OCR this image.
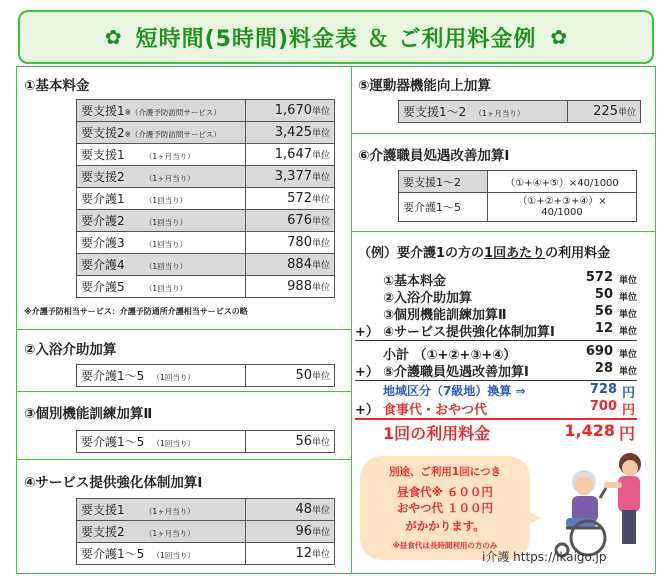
✿ 短時間(5時間)料金表 ＆ ご利用料金例 ✿
①基本料金
要支援1※（介護予防訪問サービス）	1,670単位
要支援2※（介護予防訪問サービス）	3,425単位
要支援1　　 （1ヶ月当り）	1,647単位
要支援2　　 （1ヶ月当り）	3,377単位
要介護1　　 （1回当り）	572単位
要介護2　　 （1回当り）	676単位
要介護3　　 （1回当り）	780単位
要介護4　　 （1回当り）	884単位
要介護5　　 （1回当り）	988単位
※介護予防相当サービス：介護予防通所介護相当サービスの略
②入浴介助加算
要介護1～5　 （1回当り）	50単位
③個別機能訓練加算Ⅱ
要介護1～5　 （1回当り）	56単位
④サービス提供強化体制加算Ⅰ
要支援1　　 （1ヶ月当り）	48単位
要支援2　　 （1ヶ月当り）	96単位
要介護1～5　 （1回当り）	12単位
⑤運動器機能向上加算
要支援1～2　 （1ヶ月当り）	225単位
⑥介護職員処遇改善加算Ⅰ
要支援1～2	（①+④+⑤）×40/1000
要介護1～5	（①+②+③+④）×
40/1000
（例）要介護1の方の1回あたりの利用料金
①基本料金	572 単位
②入浴介助加算	50 単位
③個別機能訓練加算Ⅱ	56 単位
+） ④サービス提供強化体制加算Ⅰ	12 単位
小計 （①+②+③+④）	690 単位
+） ⑤介護職員処遇改善加算Ⅰ	28 単位
地域区分（7級地）換算 ⇒	728 円
+） 食事代・おやつ代	700 円
1回の利用料金	1,428 円
別途、ご利用1回につき
昼食代※ ６００円
おやつ代 １００円
がかかります。
※昼食代は長時間利用の方のみ
i介護 https://ikaigo.jp
